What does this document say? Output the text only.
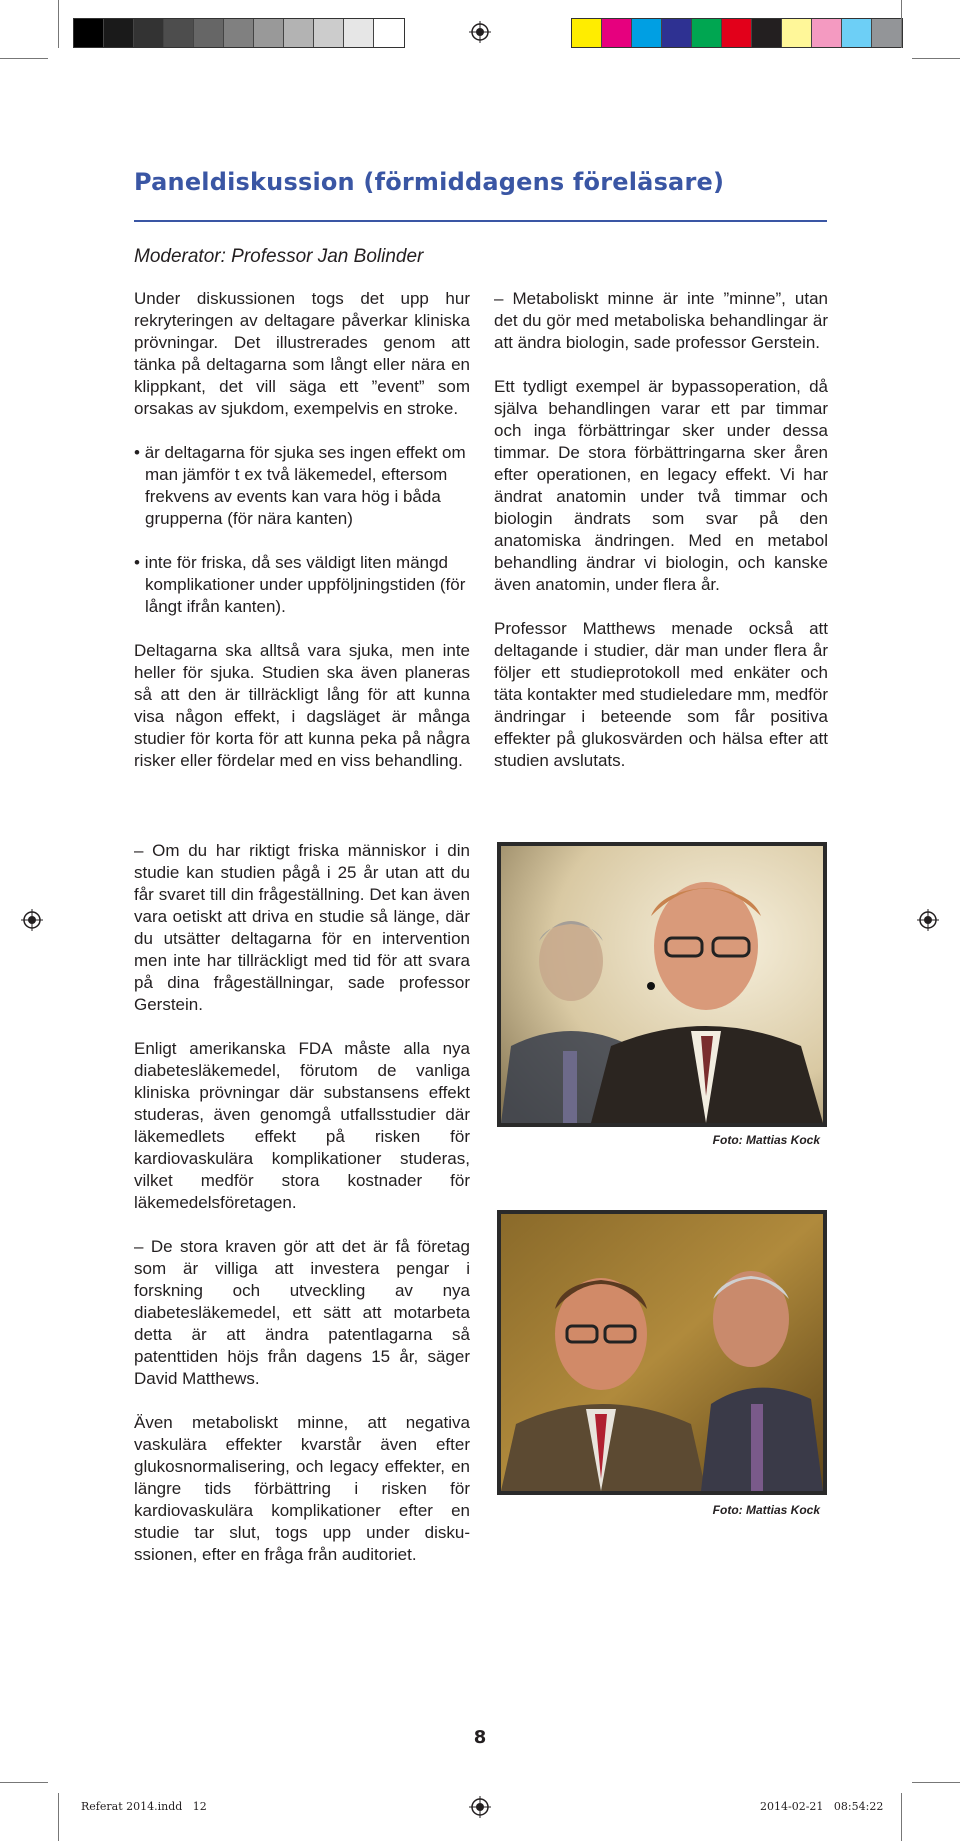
Paneldiskussion (förmiddagens föreläsare)

Moderator: Professor Jan Bolinder

Under diskussionen togs det upp hur rekryteringen av deltagare påverkar kliniska prövningar. Det illustrerades genom att tänka på deltagarna som långt eller nära en klippkant, det vill säga ett ”event” som orsakas av sjukdom, exempelvis en stroke.

• är deltagarna för sjuka ses ingen effekt om man jämför t ex två läkemedel, eftersom frekvens av events kan vara hög i båda grupperna (för nära kanten)
• inte för friska, då ses väldigt liten mängd komplikationer under uppföljningstiden (för långt ifrån kanten).

Deltagarna ska alltså vara sjuka, men inte heller för sjuka. Studien ska även planeras så att den är tillräckligt lång för att kunna visa någon effekt, i dagsläget är många studier för korta för att kunna peka på några risker eller fördelar med en viss behandling.

– Metaboliskt minne är inte ”minne”, utan det du gör med metaboliska behandlingar är att ändra biologin, sade professor Gerstein.

Ett tydligt exempel är bypassoperation, då själva behandlingen varar ett par timmar och inga förbättringar sker under dessa timmar. De stora förbättringarna sker åren efter operationen, en legacy effekt. Vi har ändrat anatomin under två timmar och biologin ändrats som svar på den anatomiska ändringen. Med en metabol behandling ändrar vi biologin, och kanske även anatomin, under flera år.

Professor Matthews menade också att deltagande i studier, där man under flera år följer ett studieprotokoll med enkäter och täta kontakter med studieledare mm, medför ändringar i beteende som får positiva effekter på glukosvärden och hälsa efter att studien avslutats.

– Om du har riktigt friska människor i din studie kan studien pågå i 25 år utan att du får svaret till din frågeställning. Det kan även vara oetiskt att driva en studie så länge, där du utsätter deltagarna för en intervention men inte har tillräckligt med tid för att svara på dina frågeställningar, sade professor Gerstein.

Enligt amerikanska FDA måste alla nya diabetesläkemedel, förutom de vanliga kliniska prövningar där substansens effekt studeras, även genomgå utfallsstudier där läkemedlets effekt på risken för kardiovaskulära komplikationer studeras, vilket medför stora kostnader för läkemedelsföretagen.

– De stora kraven gör att det är få företag som är villiga att investera pengar i forskning och utveckling av nya diabetesläkemedel, ett sätt att motarbeta detta är att ändra patentlagarna så patenttiden höjs från dagens 15 år, säger David Matthews.

Även metaboliskt minne, att negativa vaskulära effekter kvarstår även efter glukosnormalisering, och legacy effekter, en längre tids förbättring i risken för kardiovaskulära komplikationer efter en studie tar slut, togs upp under disku-ssionen, efter en fråga från auditoriet.

Foto: Mattias Kock
Foto: Mattias Kock
8
Referat 2014.indd   12	2014-02-21   08:54:22
